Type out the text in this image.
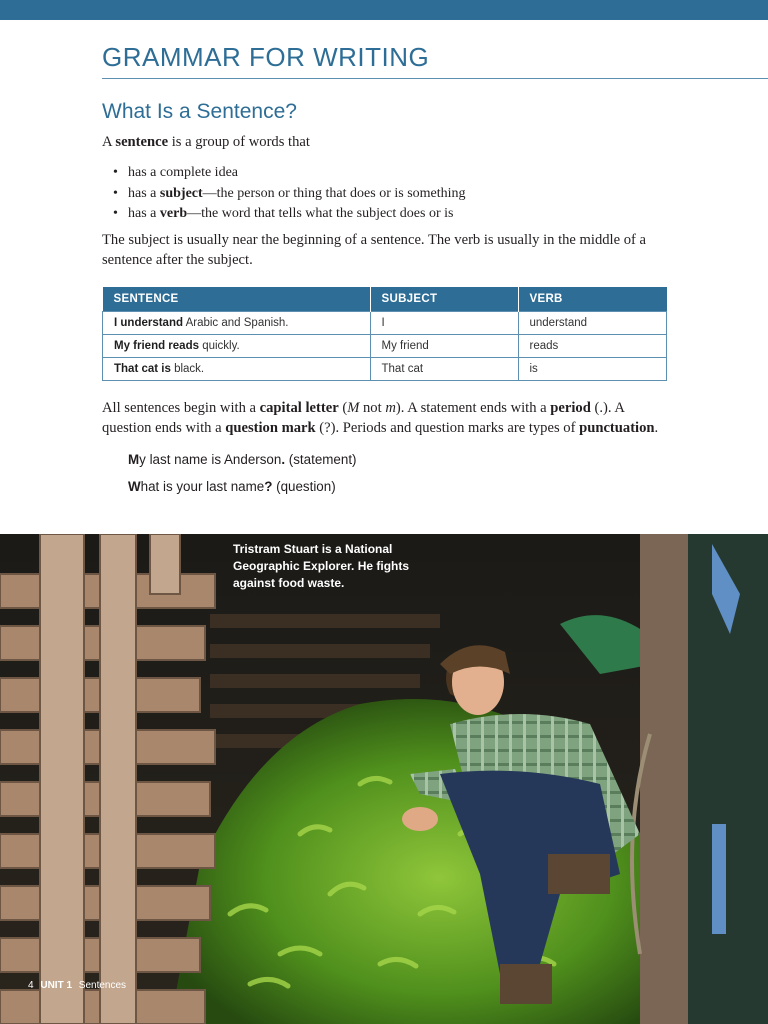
GRAMMAR FOR WRITING
What Is a Sentence?

A sentence is a group of words that

• has a complete idea
• has a subject—the person or thing that does or is something
• has a verb—the word that tells what the subject does or is

The subject is usually near the beginning of a sentence. The verb is usually in the middle of a sentence after the subject.

SENTENCE	SUBJECT	VERB
I understand Arabic and Spanish.	I	understand
My friend reads quickly.	My friend	reads
That cat is black.	That cat	is

All sentences begin with a capital letter (M not m). A statement ends with a period (.). A question ends with a question mark (?). Periods and question marks are types of punctuation.

My last name is Anderson. (statement)

What is your last name? (question)

Tristram Stuart is a National Geographic Explorer. He fights against food waste.

4 UNIT 1 Sentences
